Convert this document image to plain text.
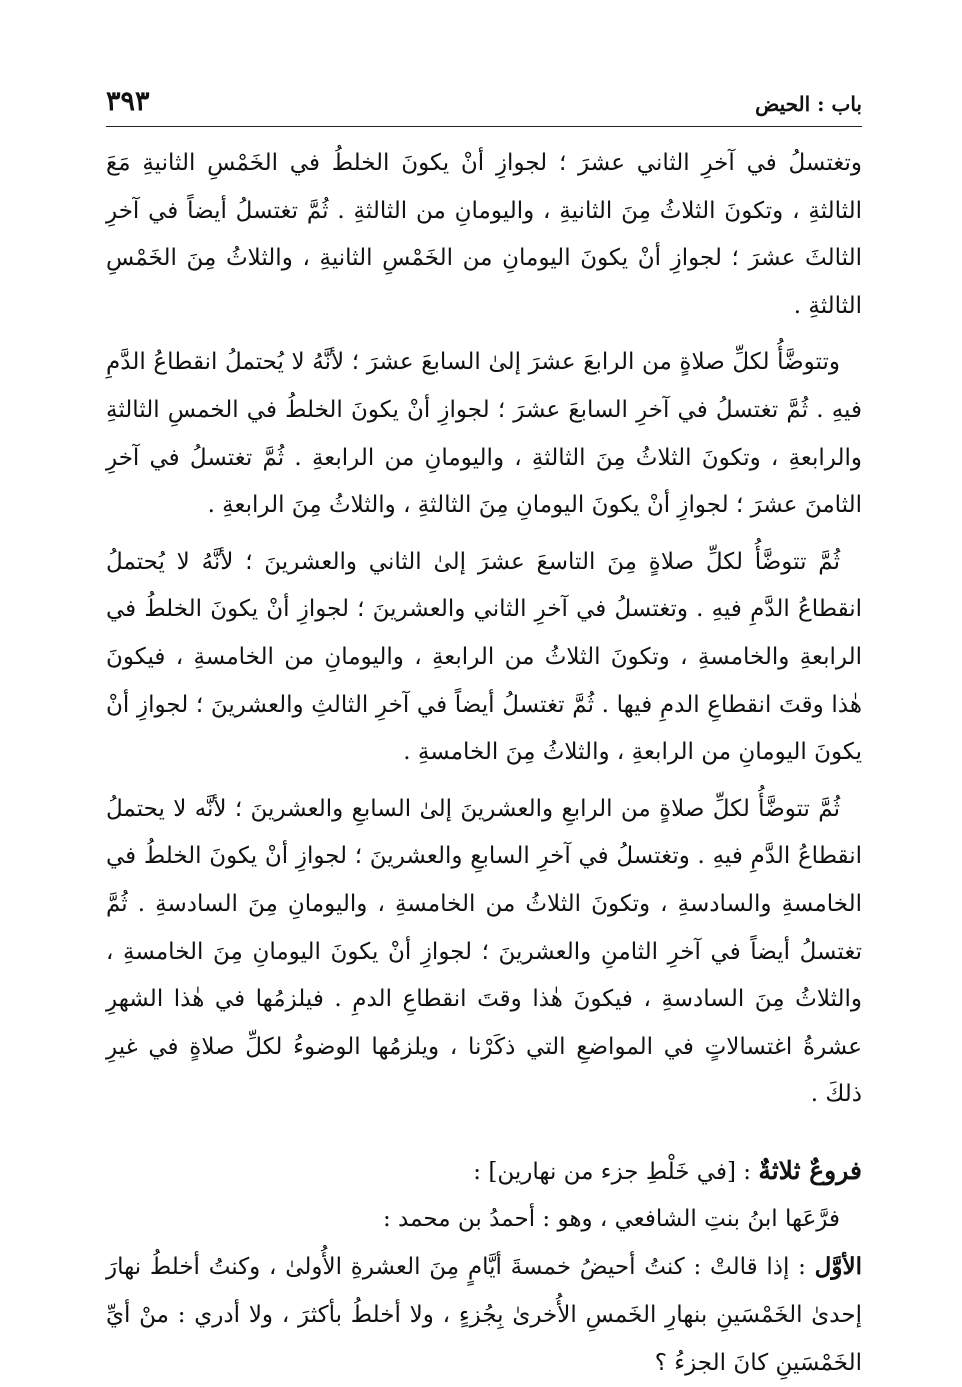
باب : الحيض
٣٩٣

وتغتسلُ في آخرِ الثاني عشرَ ؛ لجوازِ أنْ يكونَ الخلطُ في الخَمْسِ الثانيةِ مَعَ الثالثةِ ، وتكونَ الثلاثُ مِنَ الثانيةِ ، واليومانِ من الثالثةِ . ثُمَّ تغتسلُ أيضاً في آخرِ الثالثَ عشرَ ؛ لجوازِ أنْ يكونَ اليومانِ من الخَمْسِ الثانيةِ ، والثلاثُ مِنَ الخَمْسِ الثالثةِ .

وتتوضَّأُ لكلِّ صلاةٍ من الرابعَ عشرَ إلىٰ السابعَ عشرَ ؛ لأنَّهُ لا يُحتملُ انقطاعُ الدَّمِ فيهِ . ثُمَّ تغتسلُ في آخرِ السابعَ عشرَ ؛ لجوازِ أنْ يكونَ الخلطُ في الخمسِ الثالثةِ والرابعةِ ، وتكونَ الثلاثُ مِنَ الثالثةِ ، واليومانِ من الرابعةِ . ثُمَّ تغتسلُ في آخرِ الثامنَ عشرَ ؛ لجوازِ أنْ يكونَ اليومانِ مِنَ الثالثةِ ، والثلاثُ مِنَ الرابعةِ .

ثُمَّ تتوضَّأُ لكلِّ صلاةٍ مِنَ التاسعَ عشرَ إلىٰ الثاني والعشرينَ ؛ لأنَّهُ لا يُحتملُ انقطاعُ الدَّمِ فيهِ . وتغتسلُ في آخرِ الثاني والعشرينَ ؛ لجوازِ أنْ يكونَ الخلطُ في الرابعةِ والخامسةِ ، وتكونَ الثلاثُ من الرابعةِ ، واليومانِ من الخامسةِ ، فيكونَ هٰذا وقتَ انقطاعِ الدمِ فيها . ثُمَّ تغتسلُ أيضاً في آخرِ الثالثِ والعشرينَ ؛ لجوازِ أنْ يكونَ اليومانِ من الرابعةِ ، والثلاثُ مِنَ الخامسةِ .

ثُمَّ تتوضَّأُ لكلِّ صلاةٍ من الرابعِ والعشرينَ إلىٰ السابعِ والعشرينَ ؛ لأنَّه لا يحتملُ انقطاعُ الدَّمِ فيهِ . وتغتسلُ في آخرِ السابعِ والعشرينَ ؛ لجوازِ أنْ يكونَ الخلطُ في الخامسةِ والسادسةِ ، وتكونَ الثلاثُ من الخامسةِ ، واليومانِ مِنَ السادسةِ . ثُمَّ تغتسلُ أيضاً في آخرِ الثامنِ والعشرينَ ؛ لجوازِ أنْ يكونَ اليومانِ مِنَ الخامسةِ ، والثلاثُ مِنَ السادسةِ ، فيكونَ هٰذا وقتَ انقطاعِ الدمِ . فيلزمُها في هٰذا الشهرِ عشرةُ اغتسالاتٍ في المواضعِ التي ذكَرْنا ، ويلزمُها الوضوءُ لكلِّ صلاةٍ في غيرِ ذلكَ .

فروعٌ ثلاثةٌ : [في خَلْطِ جزء من نهارين] :

فرَّعَها ابنُ بنتِ الشافعي ، وهو : أحمدُ بن محمد :

الأوَّل : إذا قالتْ : كنتُ أحيضُ خمسةَ أيَّامٍ مِنَ العشرةِ الأُولىٰ ، وكنتُ أخلطُ نهارَ إحدىٰ الخَمْسَينِ بنهارِ الخَمسِ الأُخرىٰ بِجُزءٍ ، ولا أخلطُ بأكثرَ ، ولا أدري : منْ أيِّ الخَمْسَينِ كانَ الجزءُ ؟
